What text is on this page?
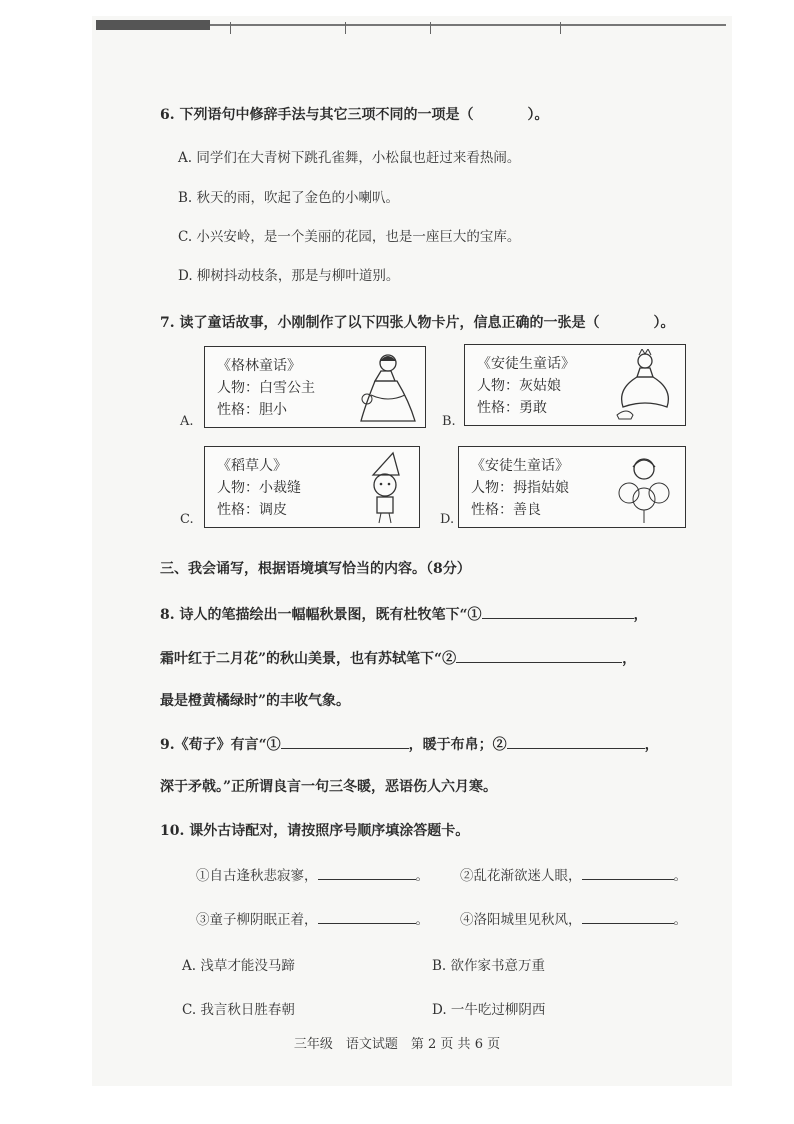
6. 下列语句中修辞手法与其它三项不同的一项是（	）。
A. 同学们在大青树下跳孔雀舞，小松鼠也赶过来看热闹。
B. 秋天的雨，吹起了金色的小喇叭。
C. 小兴安岭，是一个美丽的花园，也是一座巨大的宝库。
D. 柳树抖动枝条，那是与柳叶道别。
7. 读了童话故事，小刚制作了以下四张人物卡片，信息正确的一张是（	）。
A.
《格林童话》
人物：白雪公主
性格：胆小
B.
《安徒生童话》
人物：灰姑娘
性格：勇敢
C.
《稻草人》
人物：小裁缝
性格：调皮
D.
《安徒生童话》
人物：拇指姑娘
性格：善良
三、我会诵写，根据语境填写恰当的内容。（8分）
8. 诗人的笔描绘出一幅幅秋景图，既有杜牧笔下“①	，
霜叶红于二月花”的秋山美景，也有苏轼笔下“②	，
最是橙黄橘绿时”的丰收气象。
9.《荀子》有言“①	，暖于布帛；②	，
深于矛戟。”正所谓良言一句三冬暖，恶语伤人六月寒。
10. 课外古诗配对，请按照序号顺序填涂答题卡。
①自古逢秋悲寂寥，	。 ②乱花渐欲迷人眼，	。
③童子柳阴眠正着，	。 ④洛阳城里见秋风，	。
A. 浅草才能没马蹄	B. 欲作家书意万重
C. 我言秋日胜春朝	D. 一牛吃过柳阴西
三年级　语文试题　第 2 页 共 6 页
